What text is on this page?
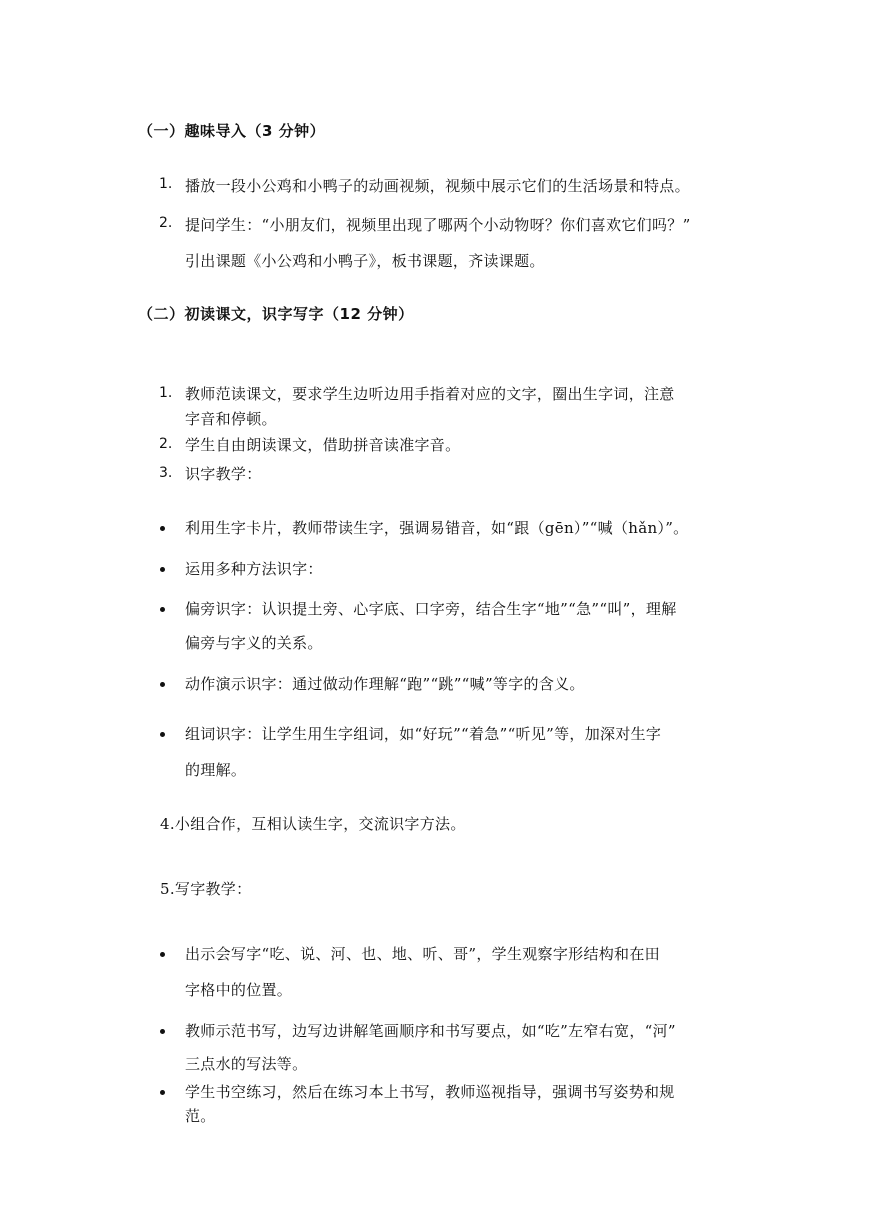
（一）趣味导入（3 分钟）
1. 播放一段小公鸡和小鸭子的动画视频，视频中展示它们的生活场景和特点。
2. 提问学生：“小朋友们，视频里出现了哪两个小动物呀？你们喜欢它们吗？”
引出课题《小公鸡和小鸭子》，板书课题，齐读课题。
（二）初读课文，识字写字（12 分钟）
1. 教师范读课文，要求学生边听边用手指着对应的文字，圈出生字词，注意
字音和停顿。
2. 学生自由朗读课文，借助拼音读准字音。
3. 识字教学：
利用生字卡片，教师带读生字，强调易错音，如“跟（gēn）”“喊（hǎn）”。
运用多种方法识字：
偏旁识字：认识提土旁、心字底、口字旁，结合生字“地”“急”“叫”，理解
偏旁与字义的关系。
动作演示识字：通过做动作理解“跑”“跳”“喊”等字的含义。
组词识字：让学生用生字组词，如“好玩”“着急”“听见”等，加深对生字
的理解。
4.小组合作，互相认读生字，交流识字方法。
5.写字教学：
出示会写字“吃、说、河、也、地、听、哥”，学生观察字形结构和在田
字格中的位置。
教师示范书写，边写边讲解笔画顺序和书写要点，如“吃”左窄右宽，“河”
三点水的写法等。
学生书空练习，然后在练习本上书写，教师巡视指导，强调书写姿势和规
范。
